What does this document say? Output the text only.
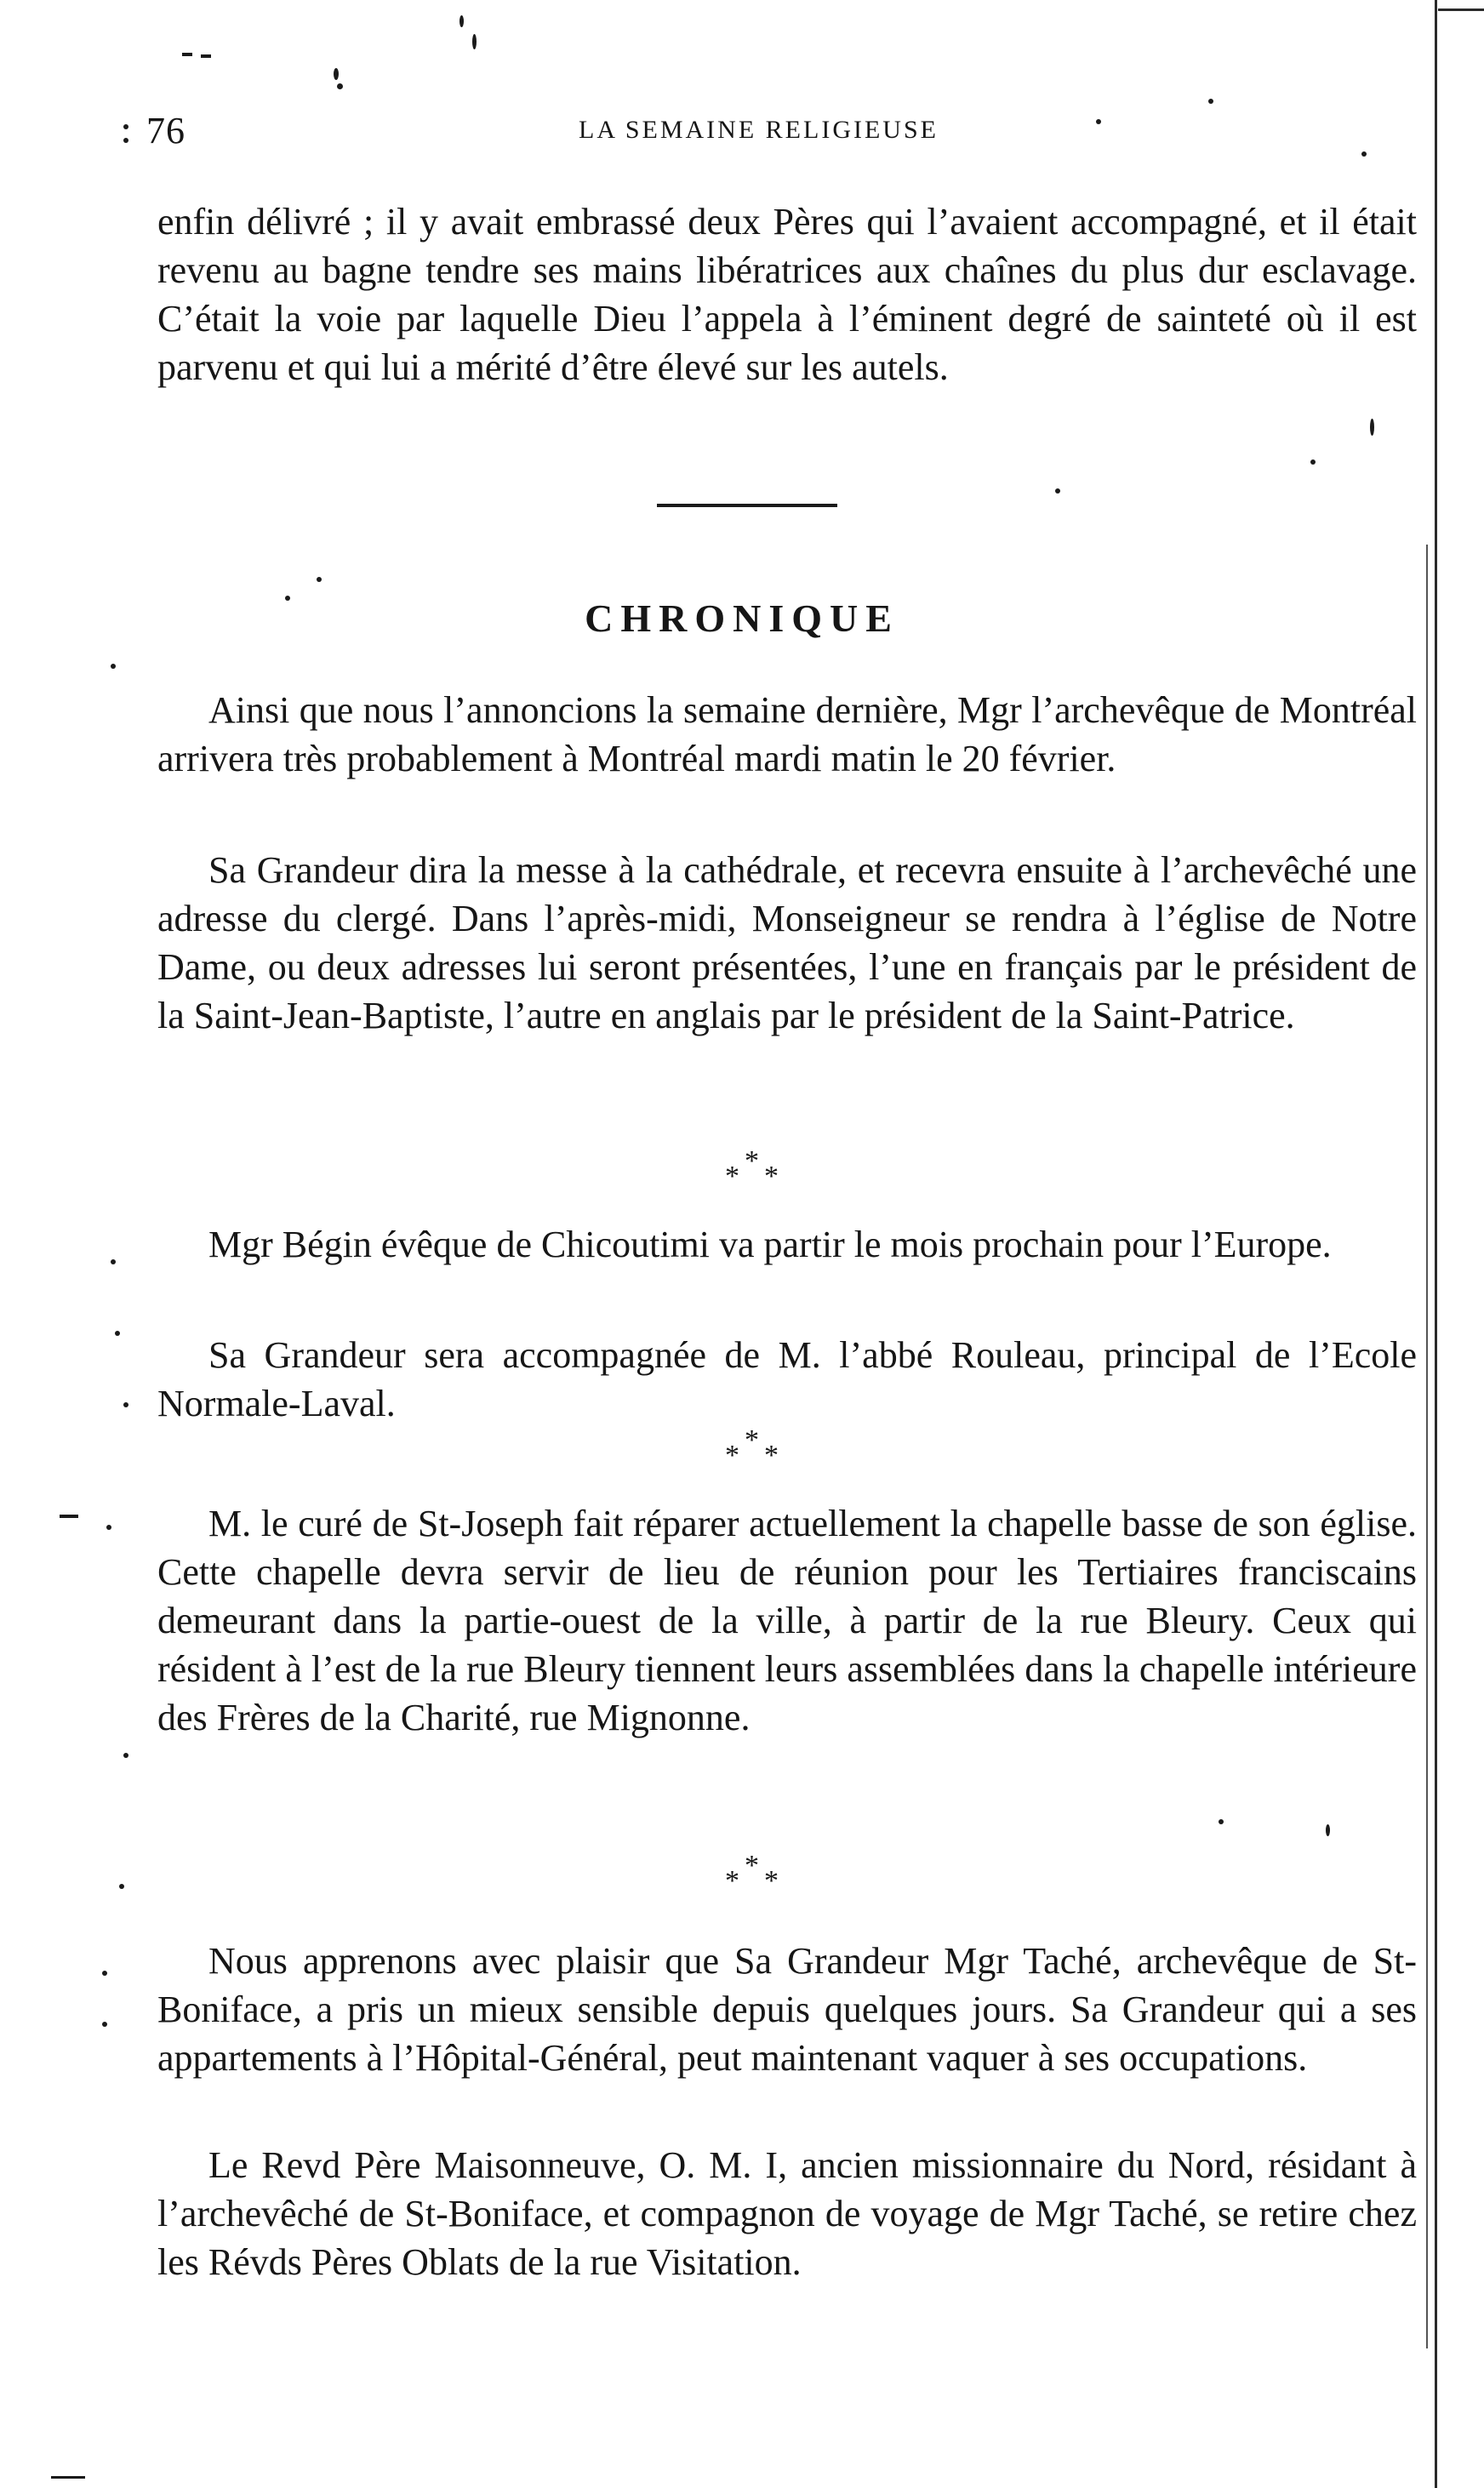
76	LA SEMAINE RELIGIEUSE

enfin délivré ; il y avait embrassé deux Pères qui l’avaient accompagné, et il était revenu au bagne tendre ses mains libératrices aux chaînes du plus dur esclavage. C’était la voie par laquelle Dieu l’appela à l’éminent degré de sainteté où il est parvenu et qui lui a mérité d’être élevé sur les autels.

CHRONIQUE

Ainsi que nous l’annoncions la semaine dernière, Mgr l’archevêque de Montréal arrivera très probablement à Montréal mardi matin le 20 février.

Sa Grandeur dira la messe à la cathédrale, et recevra ensuite à l’archevêché une adresse du clergé. Dans l’après-midi, Monseigneur se rendra à l’église de Notre Dame, ou deux adresses lui seront présentées, l’une en français par le président de la Saint-Jean-Baptiste, l’autre en anglais par le président de la Saint-Patrice.

*
* *

Mgr Bégin évêque de Chicoutimi va partir le mois prochain pour l’Europe.

Sa Grandeur sera accompagnée de M. l’abbé Rouleau, principal de l’Ecole Normale-Laval.

*
* *

M. le curé de St-Joseph fait réparer actuellement la chapelle basse de son église. Cette chapelle devra servir de lieu de réunion pour les Tertiaires franciscains demeurant dans la partie-ouest de la ville, à partir de la rue Bleury. Ceux qui résident à l’est de la rue Bleury tiennent leurs assemblées dans la chapelle intérieure des Frères de la Charité, rue Mignonne.

*
* *

Nous apprenons avec plaisir que Sa Grandeur Mgr Taché, archevêque de St-Boniface, a pris un mieux sensible depuis quelques jours. Sa Grandeur qui a ses appartements à l’Hôpital-Général, peut maintenant vaquer à ses occupations.

Le Revd Père Maisonneuve, O. M. I, ancien missionnaire du Nord, résidant à l’archevêché de St-Boniface, et compagnon de voyage de Mgr Taché, se retire chez les Révds Pères Oblats de la rue Visitation.
